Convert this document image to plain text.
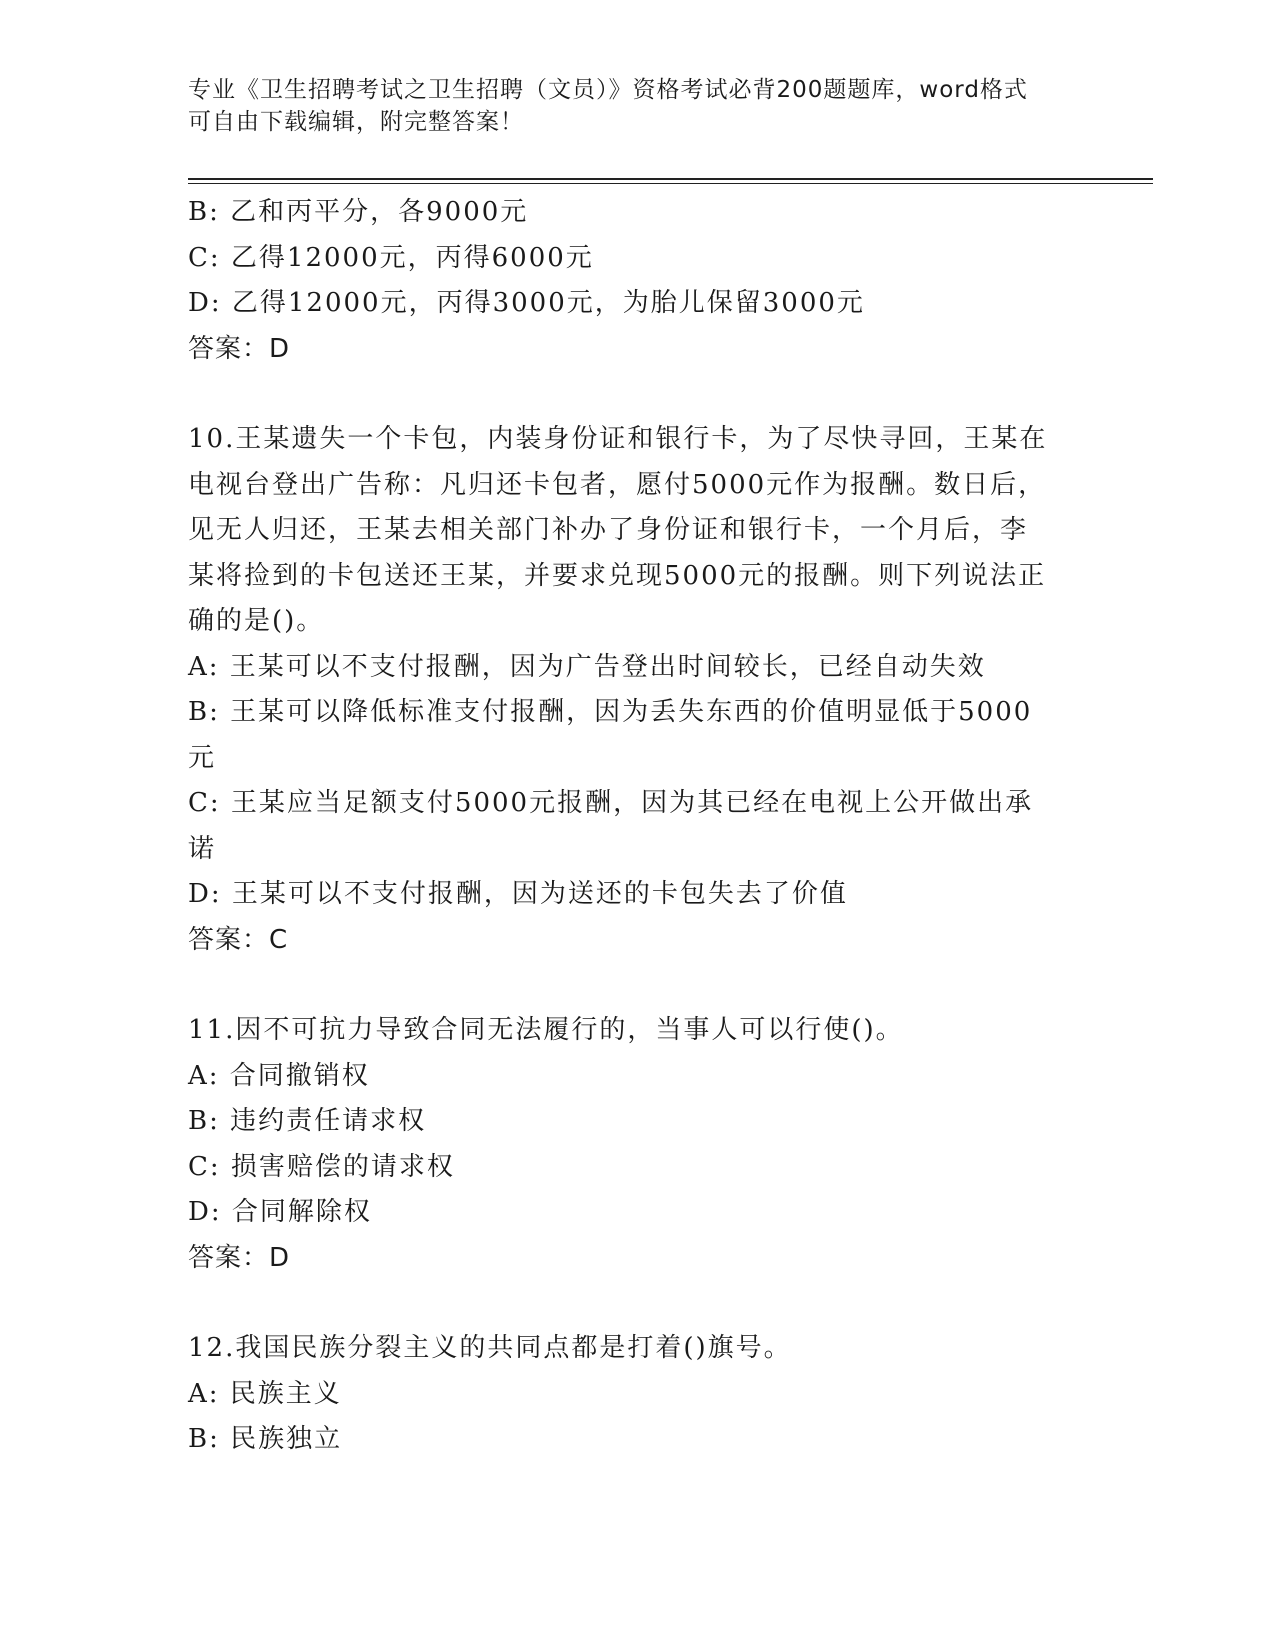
专业《卫生招聘考试之卫生招聘（文员）》资格考试必背200题题库，word格式
可自由下载编辑，附完整答案！

B: 乙和丙平分，各9000元

C: 乙得12000元，丙得6000元

D: 乙得12000元，丙得3000元，为胎儿保留3000元

答案：D

10.王某遗失一个卡包，内装身份证和银行卡，为了尽快寻回，王某在

电视台登出广告称：凡归还卡包者，愿付5000元作为报酬。数日后，

见无人归还，王某去相关部门补办了身份证和银行卡，一个月后，李

某将捡到的卡包送还王某，并要求兑现5000元的报酬。则下列说法正

确的是()。

A: 王某可以不支付报酬，因为广告登出时间较长，已经自动失效

B: 王某可以降低标准支付报酬，因为丢失东西的价值明显低于5000

元

C: 王某应当足额支付5000元报酬，因为其已经在电视上公开做出承

诺

D: 王某可以不支付报酬，因为送还的卡包失去了价值

答案：C

11.因不可抗力导致合同无法履行的，当事人可以行使()。

A: 合同撤销权

B: 违约责任请求权

C: 损害赔偿的请求权

D: 合同解除权

答案：D

12.我国民族分裂主义的共同点都是打着()旗号。

A: 民族主义

B: 民族独立
